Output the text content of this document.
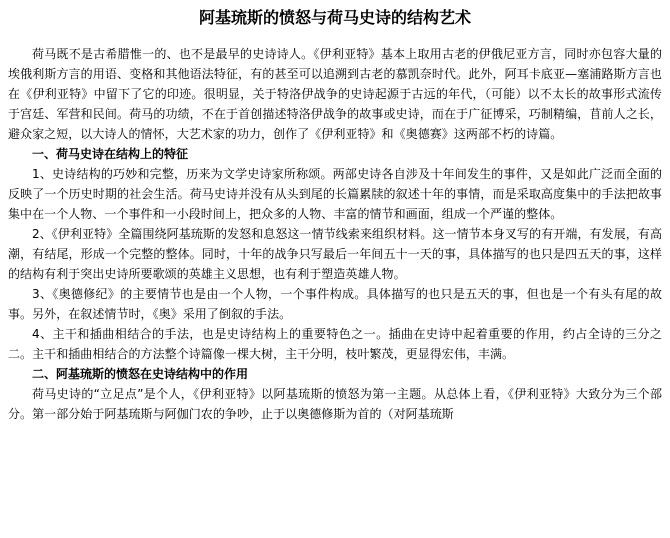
阿基琉斯的愤怒与荷马史诗的结构艺术

荷马既不是古希腊惟一的、也不是最早的史诗诗人。《伊利亚特》基本上取用古老的伊俄尼亚方言，同时亦包容大量的埃俄利斯方言的用语、变格和其他语法特征，有的甚至可以追溯到古老的慕凯奈时代。此外，阿耳卡底亚—塞浦路斯方言也在《伊利亚特》中留下了它的印迹。很明显，关于特洛伊战争的史诗起源于古远的年代，（可能）以不太长的故事形式流传于宫廷、军营和民间。荷马的功绩，不在于首创描述特洛伊战争的故事或史诗，而在于广征博采，巧制精编，苜前人之长，避众家之短，以大诗人的情怀，大艺术家的功力，创作了《伊利亚特》和《奥德赛》这两部不朽的诗篇。

一、荷马史诗在结构上的特征

1、史诗结构的巧妙和完整，历来为文学史诗家所称颂。两部史诗各自涉及十年间发生的事件，又是如此广泛而全面的反映了一个历史时期的社会生活。荷马史诗并没有从头到尾的长篇累牍的叙述十年的事情，而是采取高度集中的手法把故事集中在一个人物、一个事件和一小段时间上，把众多的人物、丰富的情节和画面，组成一个严谨的整体。

2、《伊利亚特》全篇围绕阿基琉斯的发怒和息怒这一情节线索来组织材料。这一情节本身叉写的有开端，有发展，有高潮，有结尾，形成一个完整的整体。同时，十年的战争只写最后一年间五十一天的事，具体描写的也只是四五天的事，这样的结构有利于突出史诗所要歌颂的英雄主义思想，也有利于塑造英雄人物。

3、《奥德修纪》的主要情节也是由一个人物，一个事件构成。具体描写的也只是五天的事，但也是一个有头有尾的故事。另外，在叙述情节时，《奥》采用了倒叙的手法。

4、主干和插曲相结合的手法，也是史诗结构上的重要特色之一。插曲在史诗中起着重要的作用，约占全诗的三分之二。主干和插曲相结合的方法整个诗篇像一棵大树，主干分明，枝叶繁茂，更显得宏伟，丰满。

二、阿基琉斯的愤怒在史诗结构中的作用

荷马史诗的“立足点”是个人，《伊利亚特》以阿基琉斯的愤怒为第一主题。从总体上看，《伊利亚特》大致分为三个部分。第一部分始于阿基琉斯与阿伽门农的争吵，止于以奥德修斯为首的（对阿基琉斯
